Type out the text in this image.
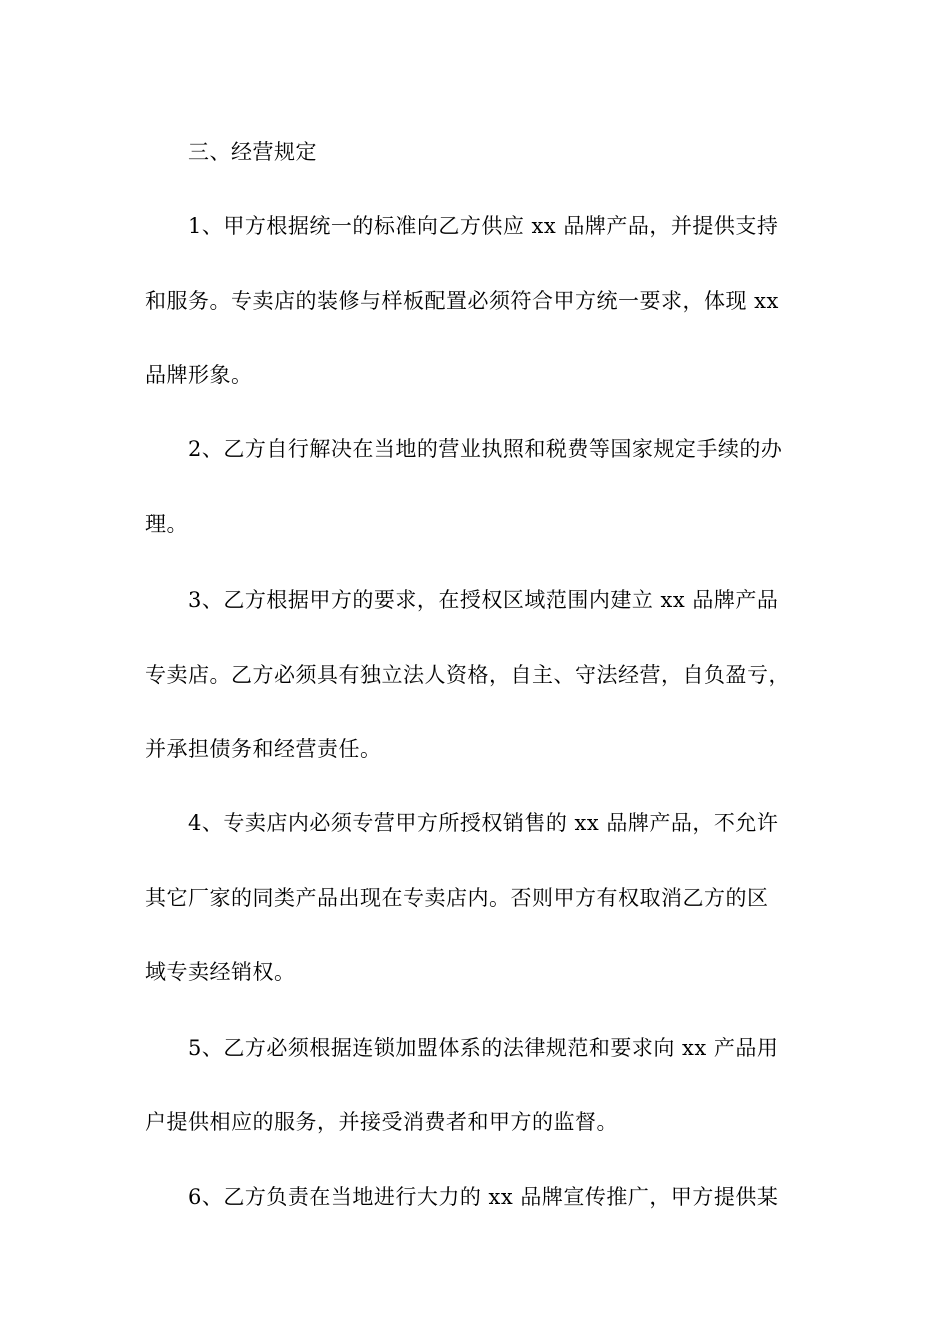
三、经营规定
1、甲方根据统一的标准向乙方供应 xx 品牌产品，并提供支持
和服务。专卖店的装修与样板配置必须符合甲方统一要求，体现 xx
品牌形象。
2、乙方自行解决在当地的营业执照和税费等国家规定手续的办
理。
3、乙方根据甲方的要求，在授权区域范围内建立 xx 品牌产品
专卖店。乙方必须具有独立法人资格，自主、守法经营，自负盈亏，
并承担债务和经营责任。
4、专卖店内必须专营甲方所授权销售的 xx 品牌产品，不允许
其它厂家的同类产品出现在专卖店内。否则甲方有权取消乙方的区
域专卖经销权。
5、乙方必须根据连锁加盟体系的法律规范和要求向 xx 产品用
户提供相应的服务，并接受消费者和甲方的监督。
6、乙方负责在当地进行大力的 xx 品牌宣传推广，甲方提供某
